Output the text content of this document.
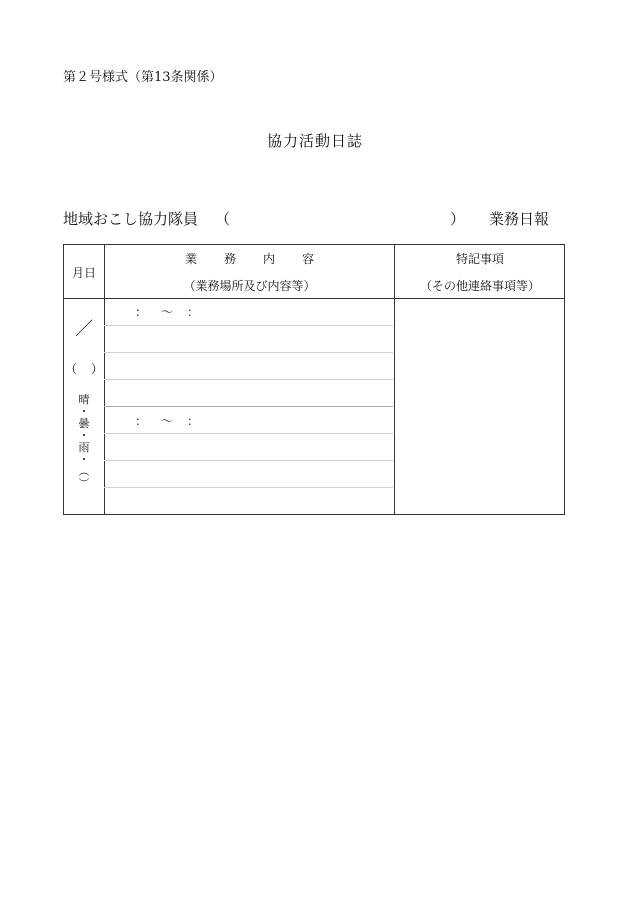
第２号様式（第13条関係）
協力活動日誌
地域おこし協力隊員 （	） 業務日報
月日
業 務 内 容
（業務場所及び内容等）
特記事項
（その他連絡事項等）
／
（ ）
晴
・
曇
・
雨
・
︵
︶
： ～ ：
： ～ ：
